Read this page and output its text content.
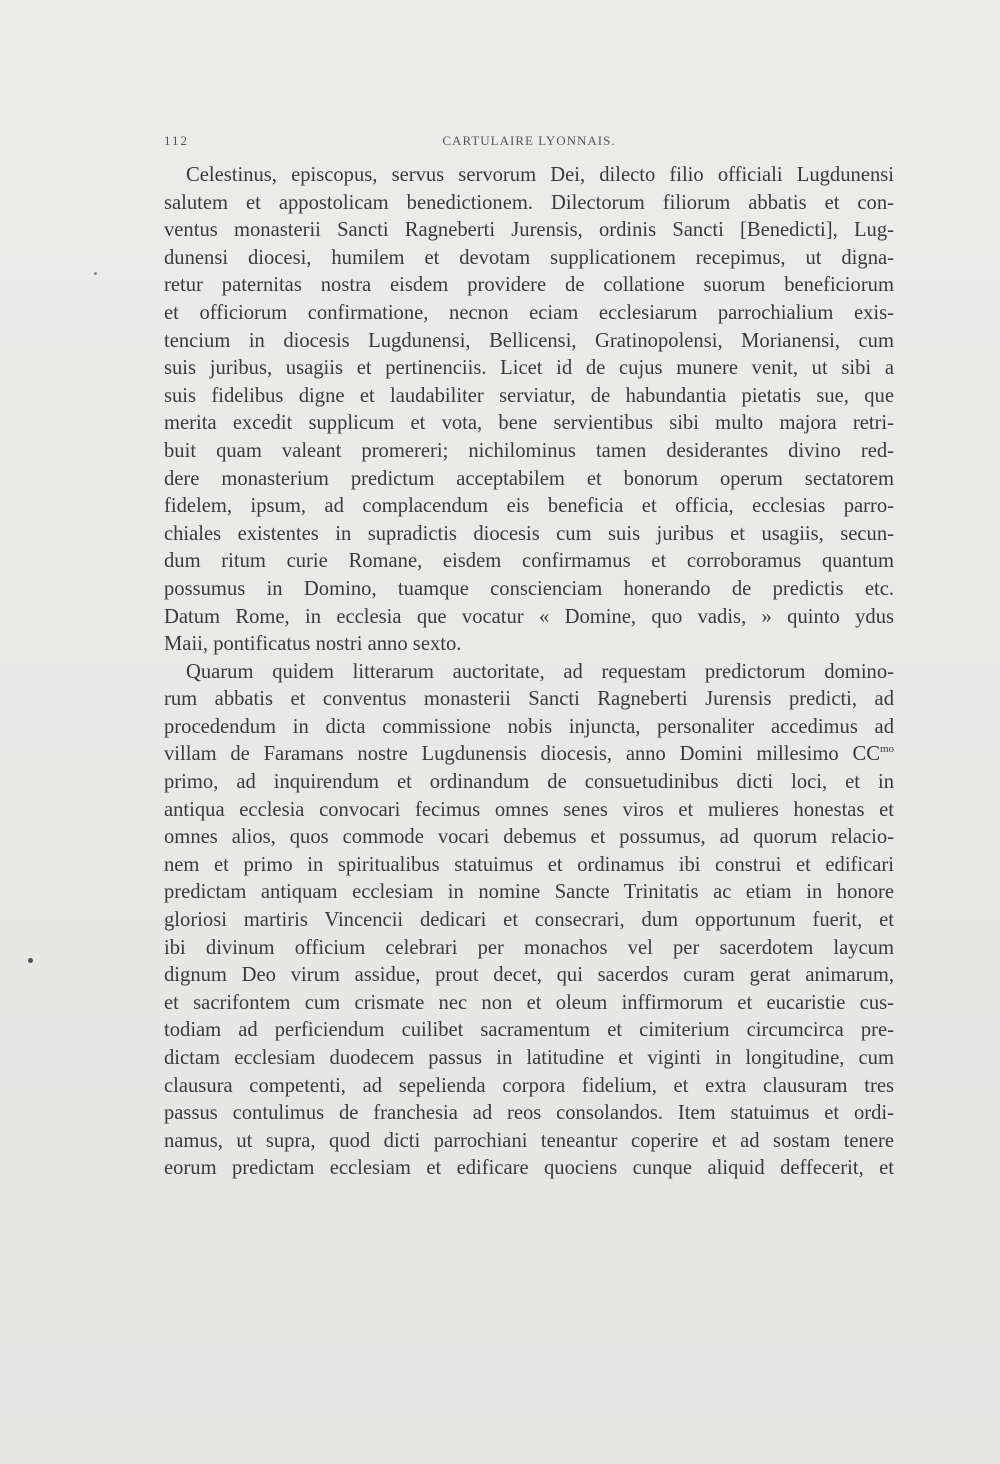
112	CARTULAIRE LYONNAIS.

Celestinus, episcopus, servus servorum Dei, dilecto filio officiali Lugdunensi
salutem et appostolicam benedictionem. Dilectorum filiorum abbatis et con-
ventus monasterii Sancti Ragneberti Jurensis, ordinis Sancti [Benedicti], Lug-
dunensi diocesi, humilem et devotam supplicationem recepimus, ut digna-
retur paternitas nostra eisdem providere de collatione suorum beneficiorum
et officiorum confirmatione, necnon eciam ecclesiarum parrochialium exis-
tencium in diocesis Lugdunensi, Bellicensi, Gratinopolensi, Morianensi, cum
suis juribus, usagiis et pertinenciis. Licet id de cujus munere venit, ut sibi a
suis fidelibus digne et laudabiliter serviatur, de habundantia pietatis sue, que
merita excedit supplicum et vota, bene servientibus sibi multo majora retri-
buit quam valeant promereri; nichilominus tamen desiderantes divino red-
dere monasterium predictum acceptabilem et bonorum operum sectatorem
fidelem, ipsum, ad complacendum eis beneficia et officia, ecclesias parro-
chiales existentes in supradictis diocesis cum suis juribus et usagiis, secun-
dum ritum curie Romane, eisdem confirmamus et corroboramus quantum
possumus in Domino, tuamque conscienciam honerando de predictis etc.
Datum Rome, in ecclesia que vocatur « Domine, quo vadis, » quinto ydus
Maii, pontificatus nostri anno sexto.

Quarum quidem litterarum auctoritate, ad requestam predictorum domino-
rum abbatis et conventus monasterii Sancti Ragneberti Jurensis predicti, ad
procedendum in dicta commissione nobis injuncta, personaliter accedimus ad
villam de Faramans nostre Lugdunensis diocesis, anno Domini millesimo $CC^{mo}$
primo, ad inquirendum et ordinandum de consuetudinibus dicti loci, et in
antiqua ecclesia convocari fecimus omnes senes viros et mulieres honestas et
omnes alios, quos commode vocari debemus et possumus, ad quorum relacio-
nem et primo in spiritualibus statuimus et ordinamus ibi construi et edificari
predictam antiquam ecclesiam in nomine Sancte Trinitatis ac etiam in honore
gloriosi martiris Vincencii dedicari et consecrari, dum opportunum fuerit, et
ibi divinum officium celebrari per monachos vel per sacerdotem laycum
dignum Deo virum assidue, prout decet, qui sacerdos curam gerat animarum,
et sacrifontem cum crismate nec non et oleum inffirmorum et eucaristie cus-
todiam ad perficiendum cuilibet sacramentum et cimiterium circumcirca pre-
dictam ecclesiam duodecem passus in latitudine et viginti in longitudine, cum
clausura competenti, ad sepelienda corpora fidelium, et extra clausuram tres
passus contulimus de franchesia ad reos consolandos. Item statuimus et ordi-
namus, ut supra, quod dicti parrochiani teneantur coperire et ad sostam tenere
eorum predictam ecclesiam et edificare quociens cunque aliquid deffecerit, et
